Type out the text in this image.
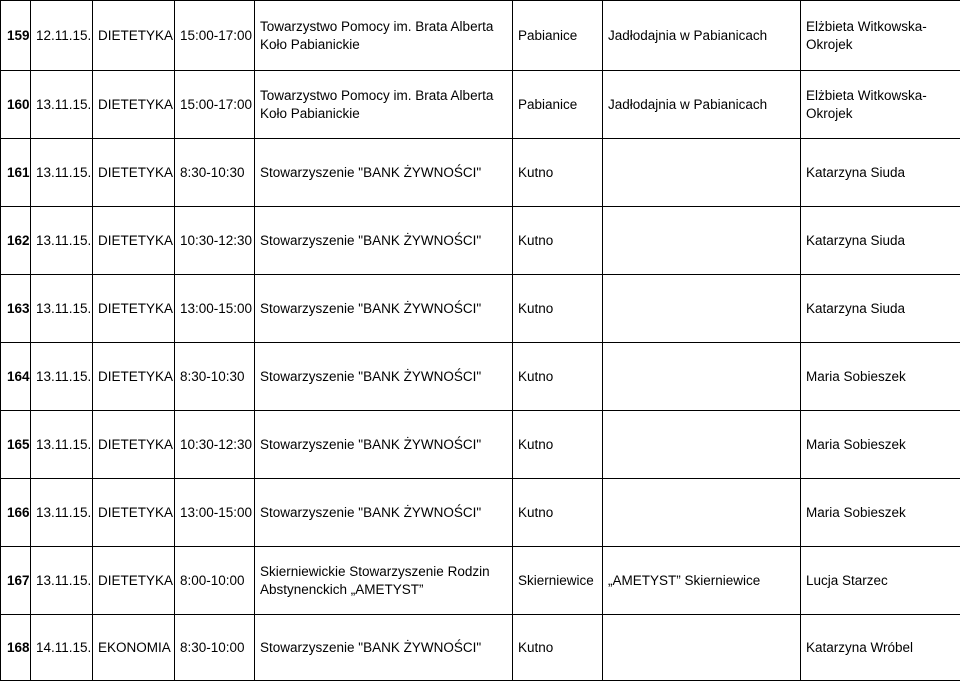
159	12.11.15.	DIETETYKA	15:00-17:00	Towarzystwo Pomocy im. Brata Alberta Koło Pabianickie	Pabianice	Jadłodajnia w Pabianicach	Elżbieta Witkowska-Okrojek
160	13.11.15.	DIETETYKA	15:00-17:00	Towarzystwo Pomocy im. Brata Alberta Koło Pabianickie	Pabianice	Jadłodajnia w Pabianicach	Elżbieta Witkowska-Okrojek
161	13.11.15.	DIETETYKA	8:30-10:30	Stowarzyszenie "BANK ŻYWNOŚCI"	Kutno		Katarzyna Siuda
162	13.11.15.	DIETETYKA	10:30-12:30	Stowarzyszenie "BANK ŻYWNOŚCI"	Kutno		Katarzyna Siuda
163	13.11.15.	DIETETYKA	13:00-15:00	Stowarzyszenie "BANK ŻYWNOŚCI"	Kutno		Katarzyna Siuda
164	13.11.15.	DIETETYKA	8:30-10:30	Stowarzyszenie "BANK ŻYWNOŚCI"	Kutno		Maria Sobieszek
165	13.11.15.	DIETETYKA	10:30-12:30	Stowarzyszenie "BANK ŻYWNOŚCI"	Kutno		Maria Sobieszek
166	13.11.15.	DIETETYKA	13:00-15:00	Stowarzyszenie "BANK ŻYWNOŚCI"	Kutno		Maria Sobieszek
167	13.11.15.	DIETETYKA	8:00-10:00	Skierniewickie Stowarzyszenie Rodzin Abstynenckich „AMETYST”	Skierniewice	„AMETYST” Skierniewice	Lucja Starzec
168	14.11.15.	EKONOMIA	8:30-10:00	Stowarzyszenie "BANK ŻYWNOŚCI"	Kutno		Katarzyna Wróbel
